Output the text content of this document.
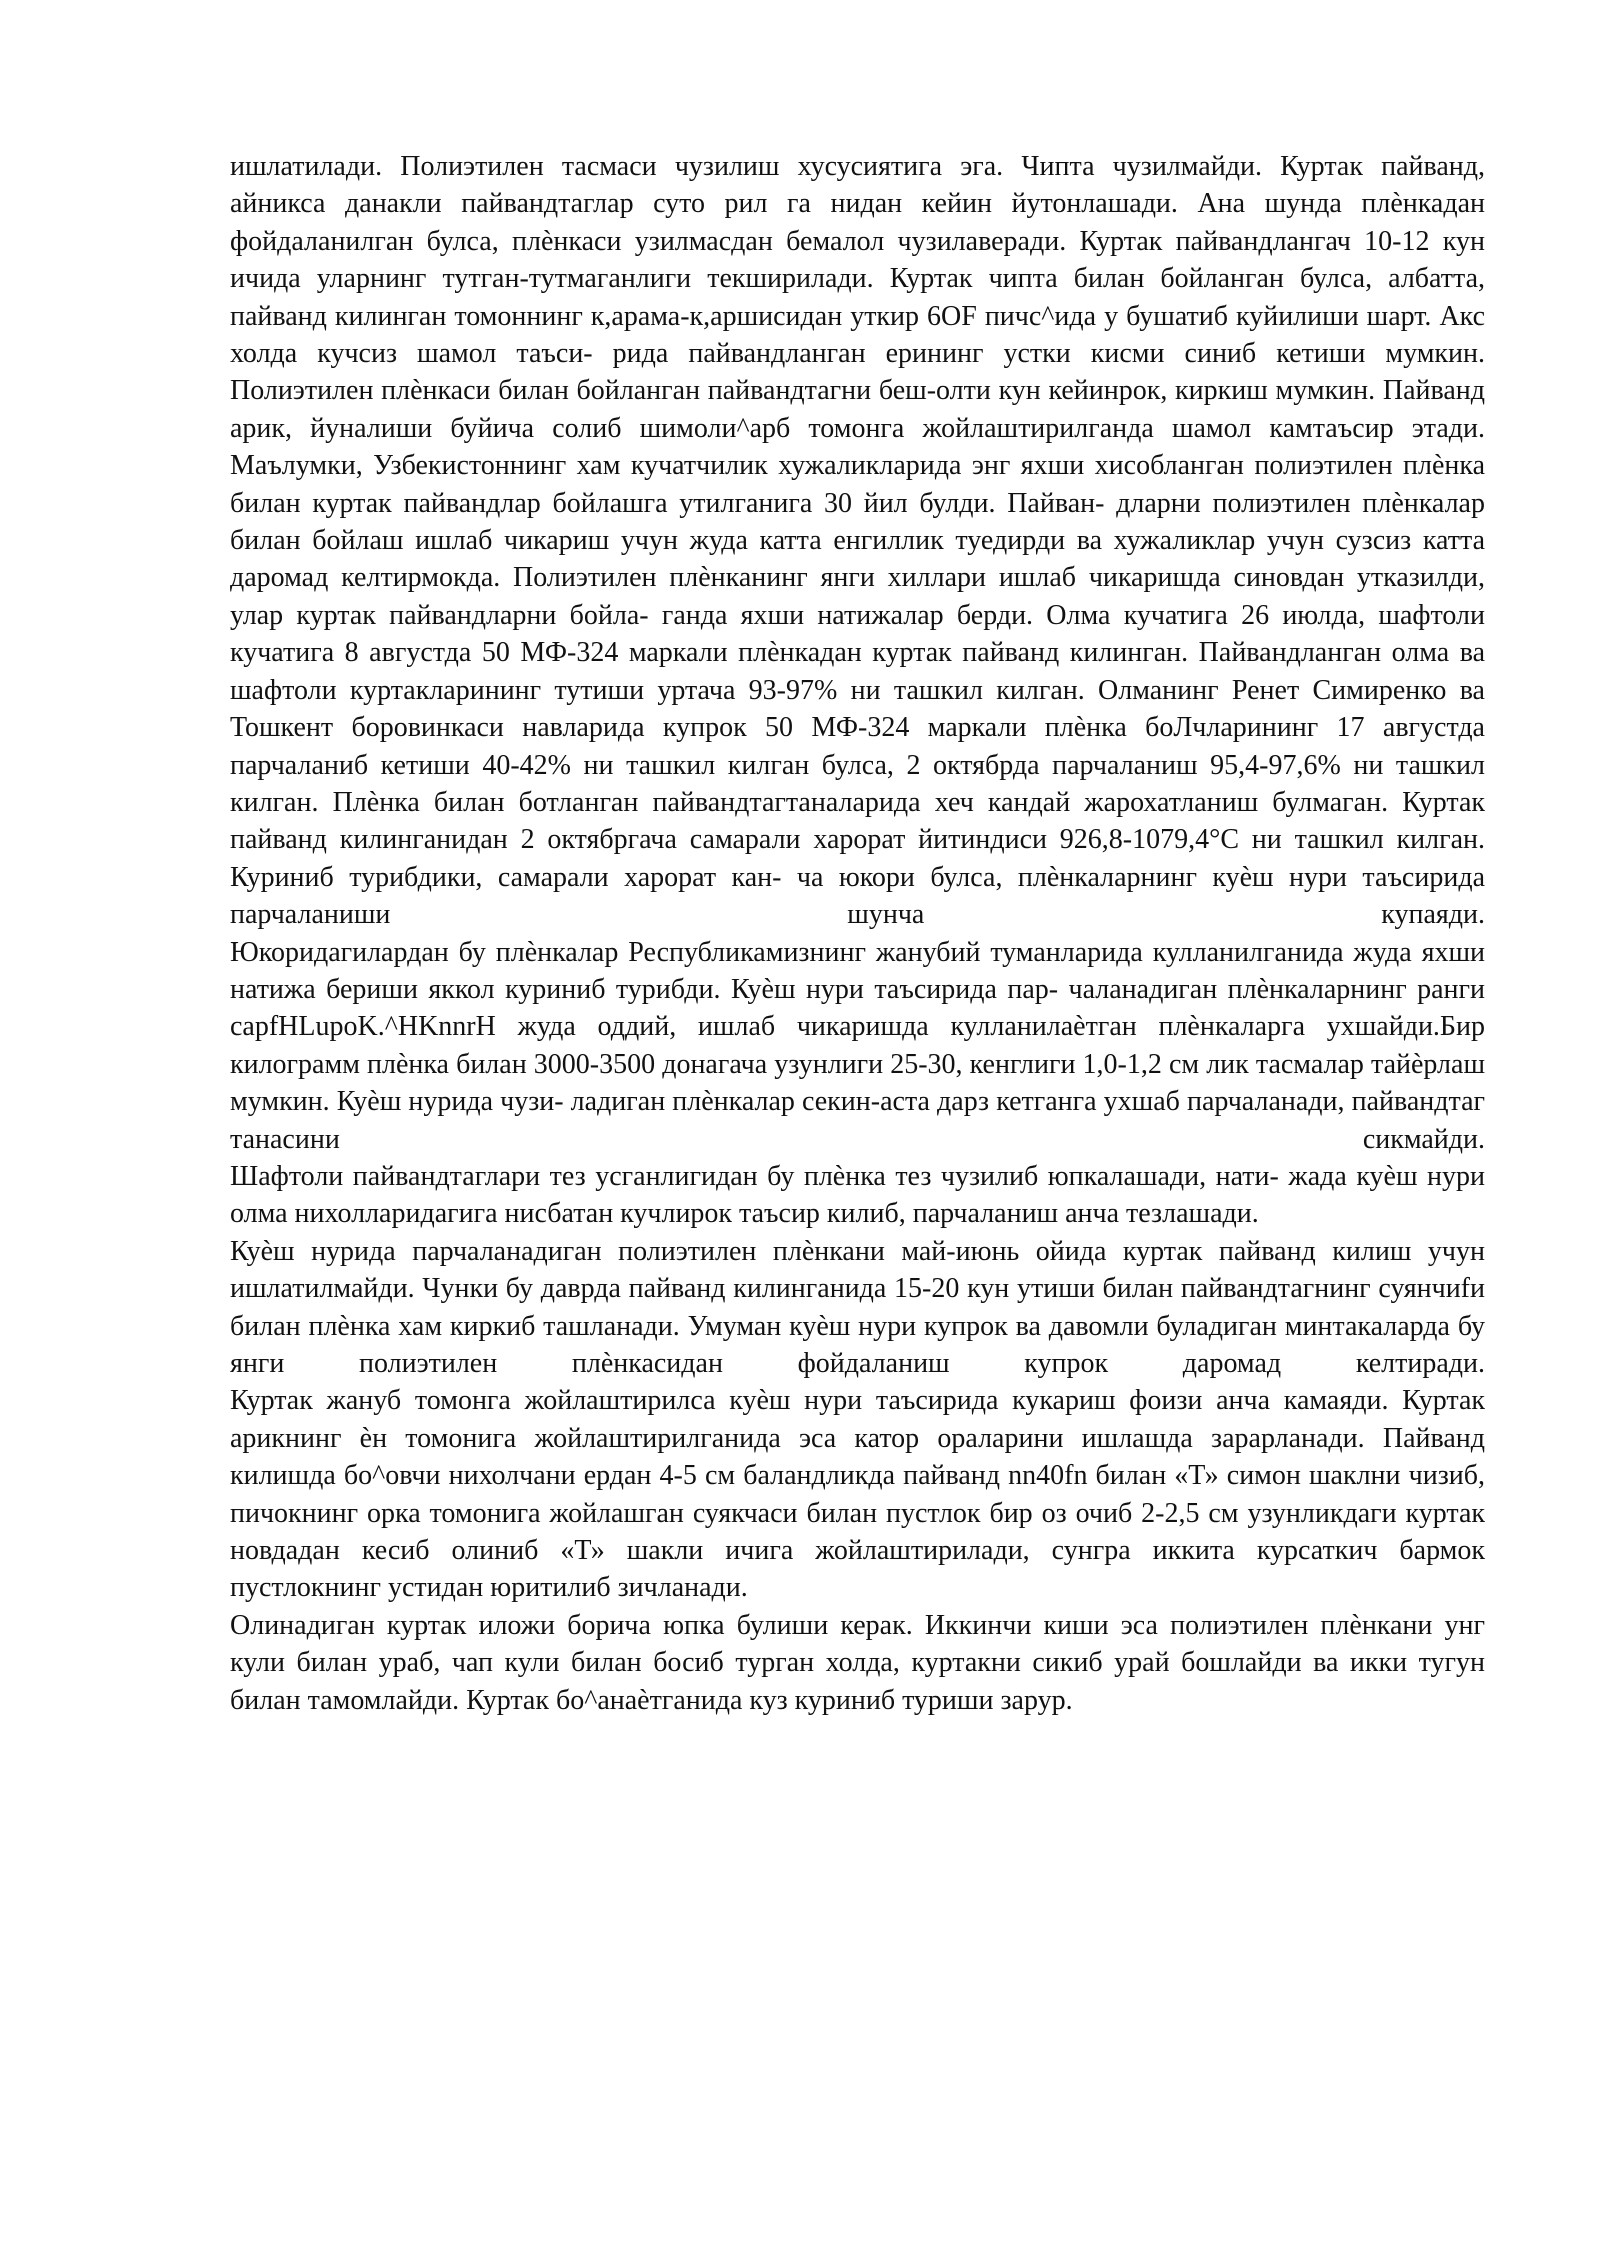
ишлатилади. Полиэтилен тасмаси чузилиш хусусиятига эга. Чипта чузилмайди. Куртак пайванд, айникса данакли пайвандтаглар суто рил га нидан кейин йутонлашади. Ана шунда плѐнкадан фойдаланилган булса, плѐнкаси узилмасдан бемалол чузилаверади. Куртак пайвандлангач 10-12 кун ичида уларнинг тутган-тутмаганлиги текширилади. Куртак чипта билан бойланган булса, албатта, пайванд килинган томоннинг к,арама-к,аршисидан уткир 6OF пичс^ида у бушатиб куйилиши шарт. Акс холда кучсиз шамол таъси- рида пайвандланган ерининг устки кисми синиб кетиши мумкин. Полиэтилен плѐнкаси билан бойланган пайвандтагни беш-олти кун кейинрок, киркиш мумкин. Пайванд арик, йуналиши буйича солиб шимоли^арб томонга жойлаштирилганда шамол камтаъсир этади. Маълумки, Узбекистоннинг хам кучатчилик хужаликларида энг яхши хисобланган полиэтилен плѐнка билан куртак пайвандлар бойлашга утилганига 30 йил булди. Пайван- дларни полиэтилен плѐнкалар билан бойлаш ишлаб чикариш учун жуда катта енгиллик туедирди ва хужаликлар учун сузсиз катта даромад келтирмокда. Полиэтилен плѐнканинг янги хиллари ишлаб чикаришда синовдан утказилди, улар куртак пайвандларни бойла- ганда яхши натижалар берди. Олма кучатига 26 июлда, шафтоли кучатига 8 августда 50 МФ-324 маркали плѐнкадан куртак пайванд килинган. Пайвандланган олма ва шафтоли куртакларининг тутиши уртача 93-97% ни ташкил килган. Олманинг Ренет Симиренко ва Тошкент боровинкаси навларида купрок 50 МФ-324 маркали плѐнка боЛчларининг 17 августда парчаланиб кетиши 40-42% ни ташкил килган булса, 2 октябрда парчаланиш 95,4-97,6% ни ташкил килган. Плѐнка билан ботланган пайвандтагтаналарида хеч кандай жарохатланиш булмаган. Куртак пайванд килинганидан 2 октябргача самарали харорат йитиндиси 926,8-1079,4°С ни ташкил килган. Куриниб турибдики, самарали харорат кан- ча юкори булса, плѐнкаларнинг куѐш нури таъсирида парчаланиши шунча купаяди.

Юкоридагилардан бу плѐнкалар Республикамизнинг жанубий туманларида кулланилганида жуда яхши натижа бериши яккол куриниб турибди. Куѐш нури таъсирида пар- чаланадиган плѐнкаларнинг ранги capfHLupoK.^HKnnrH жуда оддий, ишлаб чикаришда кулланилаѐтган плѐнкаларга ухшайди.Бир килограмм плѐнка билан 3000-3500 донагача узунлиги 25-30, кенглиги 1,0-1,2 см лик тасмалар тайѐрлаш мумкин. Куѐш нурида чузи- ладиган плѐнкалар секин-аста дарз кетганга ухшаб парчаланади, пайвандтаг танасини сикмайди.

Шафтоли пайвандтаглари тез усганлигидан бу плѐнка тез чузилиб юпкалашади, нати- жада куѐш нури олма нихолларидагига нисбатан кучлирок таъсир килиб, парчаланиш анча тезлашади.

Куѐш нурида парчаланадиган полиэтилен плѐнкани май-июнь ойида куртак пайванд килиш учун ишлатилмайди. Чунки бу даврда пайванд килинганида 15-20 кун утиши билан пайвандтагнинг суянчиfи билан плѐнка хам киркиб ташланади. Умуман куѐш нури купрок ва давомли буладиган минтакаларда бу янги полиэтилен плѐнкасидан фойдаланиш купрок даромад келтиради.

Куртак жануб томонга жойлаштирилса куѐш нури таъсирида кукариш фоизи анча камаяди. Куртак арикнинг ѐн томонига жойлаштирилганида эса катор ораларини ишлашда зарарланади. Пайванд килишда бо^овчи нихолчани ердан 4-5 см баландликда пайванд nn40fn билан «Т» симон шаклни чизиб, пичокнинг орка томонига жойлашган суякчаси билан пустлок бир оз очиб 2-2,5 см узунликдаги куртак новдадан кесиб олиниб «Т» шакли ичига жойлаштирилади, сунгра иккита курсаткич бармок пустлокнинг устидан юритилиб зичланади.

Олинадиган куртак иложи борича юпка булиши керак. Иккинчи киши эса полиэтилен плѐнкани унг кули билан ураб, чап кули билан босиб турган холда, куртакни сикиб урай бошлайди ва икки тугун билан тамомлайди. Куртак бо^анаѐтганида куз куриниб туриши зарур.
